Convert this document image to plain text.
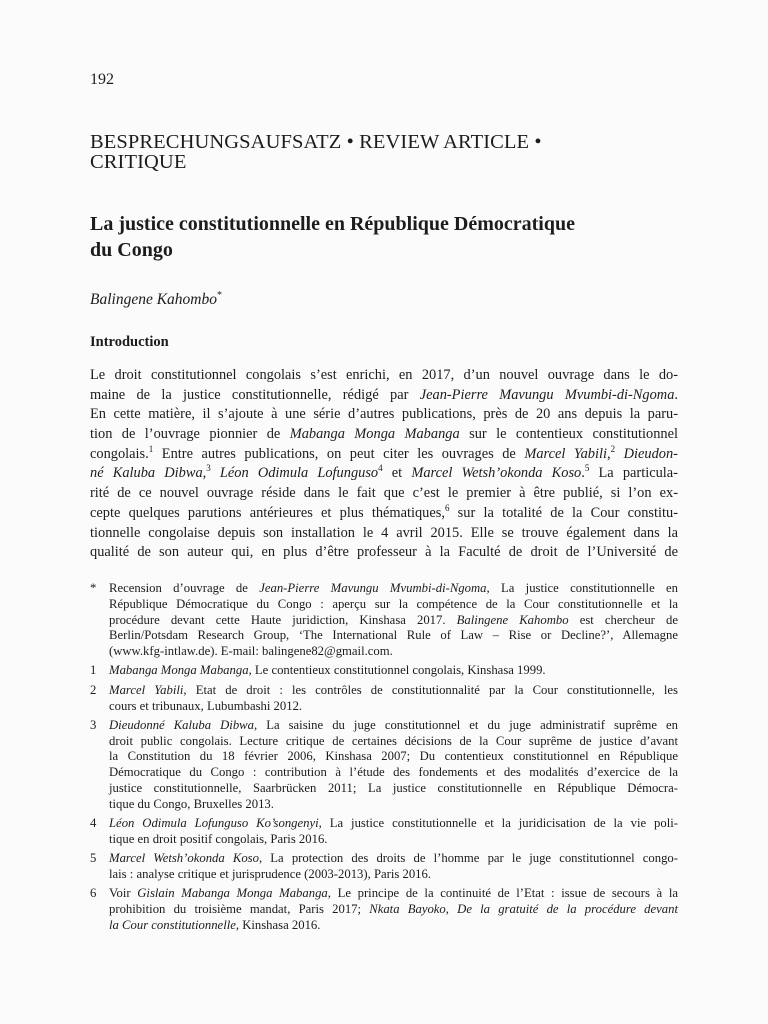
192
BESPRECHUNGSAUFSATZ • REVIEW ARTICLE •
CRITIQUE
La justice constitutionnelle en République Démocratique
du Congo
Balingene Kahombo*
Introduction
Le droit constitutionnel congolais s’est enrichi, en 2017, d’un nouvel ouvrage dans le do-
maine de la justice constitutionnelle, rédigé par Jean-Pierre Mavungu Mvumbi-di-Ngoma.
En cette matière, il s’ajoute à une série d’autres publications, près de 20 ans depuis la paru-
tion de l’ouvrage pionnier de Mabanga Monga Mabanga sur le contentieux constitutionnel
congolais.$^1$ Entre autres publications, on peut citer les ouvrages de Marcel Yabili,$^2$ Dieudon-
né Kaluba Dibwa,$^3$ Léon Odimula Lofunguso$^4$ et Marcel Wetsh’okonda Koso.$^5$ La particula-
rité de ce nouvel ouvrage réside dans le fait que c’est le premier à être publié, si l’on ex-
cepte quelques parutions antérieures et plus thématiques,$^6$ sur la totalité de la Cour constitu-
tionnelle congolaise depuis son installation le 4 avril 2015. Elle se trouve également dans la
qualité de son auteur qui, en plus d’être professeur à la Faculté de droit de l’Université de
* Recension d’ouvrage de Jean-Pierre Mavungu Mvumbi-di-Ngoma, La justice constitutionnelle en
République Démocratique du Congo : aperçu sur la compétence de la Cour constitutionnelle et la
procédure devant cette Haute juridiction, Kinshasa 2017. Balingene Kahombo est chercheur de
Berlin/Potsdam Research Group, ‘The International Rule of Law – Rise or Decline?’, Allemagne
(www.kfg-intlaw.de). E-mail: balingene82@gmail.com.
1 Mabanga Monga Mabanga, Le contentieux constitutionnel congolais, Kinshasa 1999.
2 Marcel Yabili, Etat de droit : les contrôles de constitutionnalité par la Cour constitutionnelle, les
cours et tribunaux, Lubumbashi 2012.
3 Dieudonné Kaluba Dibwa, La saisine du juge constitutionnel et du juge administratif suprême en
droit public congolais. Lecture critique de certaines décisions de la Cour suprême de justice d’avant
la Constitution du 18 février 2006, Kinshasa 2007; Du contentieux constitutionnel en République
Démocratique du Congo : contribution à l’étude des fondements et des modalités d’exercice de la
justice constitutionnelle, Saarbrücken 2011; La justice constitutionnelle en République Démocra-
tique du Congo, Bruxelles 2013.
4 Léon Odimula Lofunguso Ko’songenyi, La justice constitutionnelle et la juridicisation de la vie poli-
tique en droit positif congolais, Paris 2016.
5 Marcel Wetsh’okonda Koso, La protection des droits de l’homme par le juge constitutionnel congo-
lais : analyse critique et jurisprudence (2003-2013), Paris 2016.
6 Voir Gislain Mabanga Monga Mabanga, Le principe de la continuité de l’Etat : issue de secours à la
prohibition du troisième mandat, Paris 2017; Nkata Bayoko, De la gratuité de la procédure devant
la Cour constitutionnelle, Kinshasa 2016.
